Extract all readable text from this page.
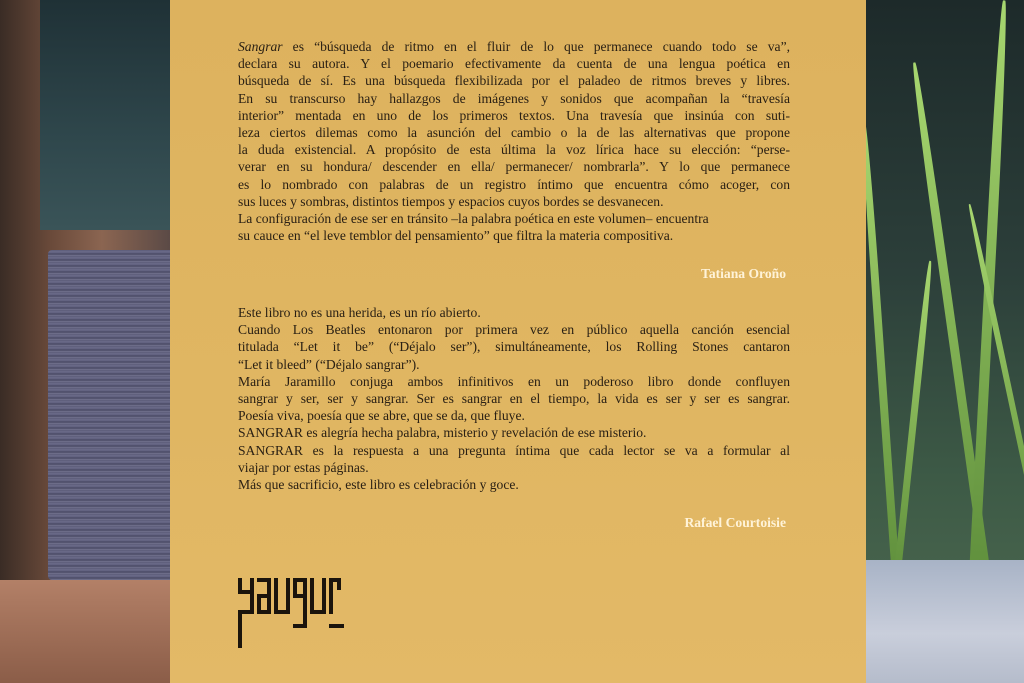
Sangrar es “búsqueda de ritmo en el fluir de lo que permanece cuando todo se va”,

declara su autora. Y el poemario efectivamente da cuenta de una lengua poética en

búsqueda de sí. Es una búsqueda flexibilizada por el paladeo de ritmos breves y libres.

En su transcurso hay hallazgos de imágenes y sonidos que acompañan la “travesía

interior” mentada en uno de los primeros textos. Una travesía que insinúa con suti-

leza ciertos dilemas como la asunción del cambio o la de las alternativas que propone

la duda existencial. A propósito de esta última la voz lírica hace su elección: “perse-

verar en su hondura/ descender en ella/ permanecer/ nombrarla”. Y lo que permanece

es lo nombrado con palabras de un registro íntimo que encuentra cómo acoger, con

sus luces y sombras, distintos tiempos y espacios cuyos bordes se desvanecen.

La configuración de ese ser en tránsito –la palabra poética en este volumen– encuentra

su cauce en “el leve temblor del pensamiento” que filtra la materia compositiva.

Tatiana Oroño

Este libro no es una herida, es un río abierto.

Cuando Los Beatles entonaron por primera vez en público aquella canción esencial

titulada “Let it be” (“Déjalo ser”), simultáneamente, los Rolling Stones cantaron

“Let it bleed” (“Déjalo sangrar”).

María Jaramillo conjuga ambos infinitivos en un poderoso libro donde confluyen

sangrar y ser, ser y sangrar. Ser es sangrar en el tiempo, la vida es ser y ser es sangrar.

Poesía viva, poesía que se abre, que se da, que fluye.

SANGRAR es alegría hecha palabra, misterio y revelación de ese misterio.

SANGRAR es la respuesta a una pregunta íntima que cada lector se va a formular al

viajar por estas páginas.

Más que sacrificio, este libro es celebración y goce.

Rafael Courtoisie
